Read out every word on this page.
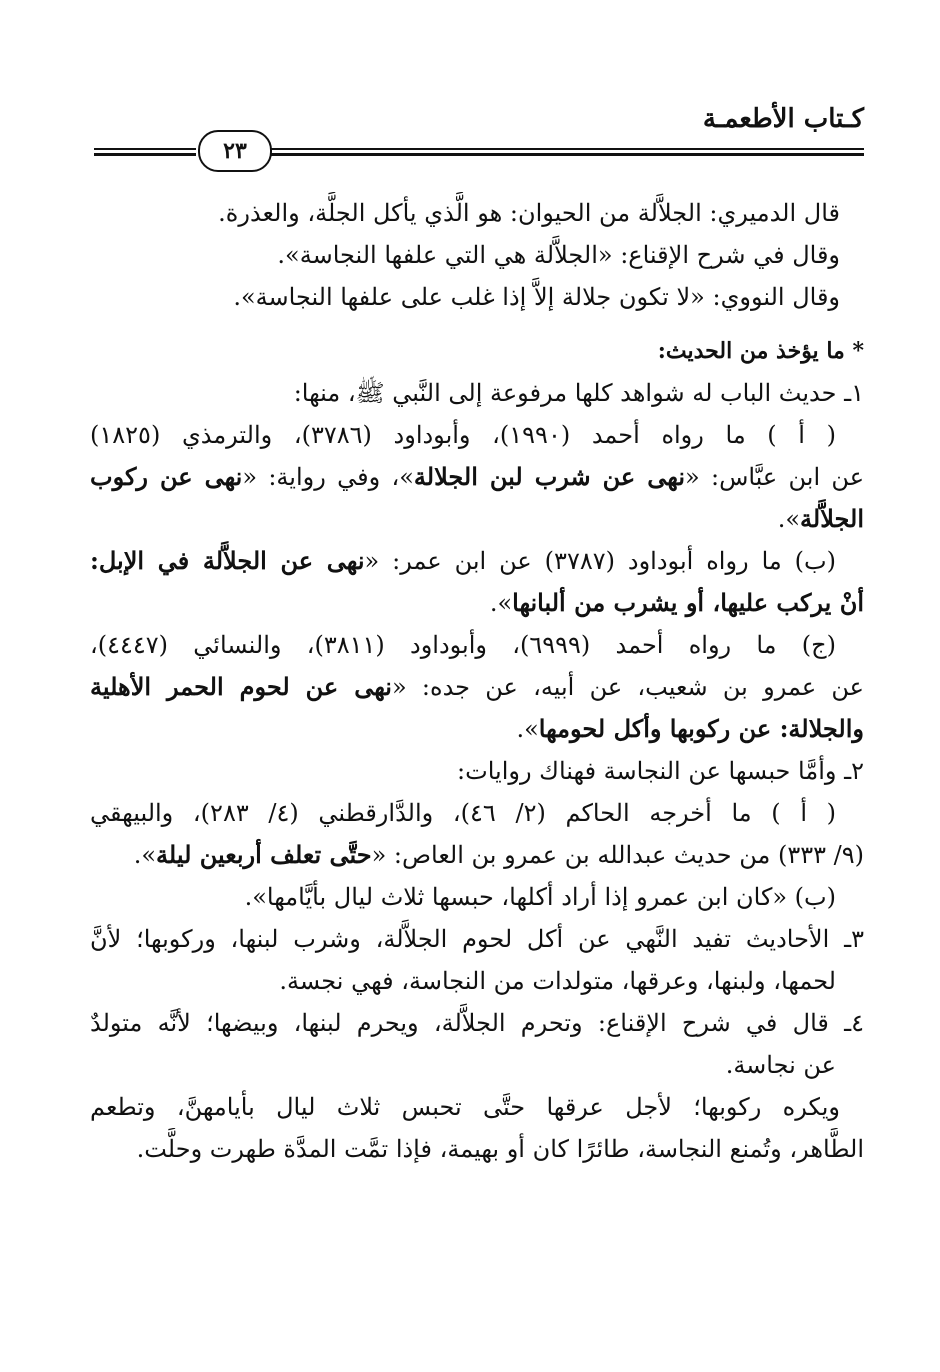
كـتاب الأطعمـة
٢٣
قال الدميري: الجلاَّلة من الحيوان: هو الَّذي يأكل الجلَّة، والعذرة.
وقال في شرح الإقناع: «الجلاَّلة هي التي علفها النجاسة».
وقال النووي: «لا تكون جلالة إلاَّ إذا غلب على علفها النجاسة».
* ما يؤخذ من الحديث:
١ـ حديث الباب له شواهد كلها مرفوعة إلى النَّبي ﷺ، منها:
( أ ) ما رواه أحمد (١٩٩٠)، وأبوداود (٣٧٨٦)، والترمذي (١٨٢٥)
عن ابن عبَّاس: «نهى عن شرب لبن الجلالة»، وفي رواية: «نهى عن ركوب
الجلاَّلة».
(ب) ما رواه أبوداود (٣٧٨٧) عن ابن عمر: «نهى عن الجلاَّلة في الإبل:
أنْ يركب عليها، أو يشرب من ألبانها».
(ج) ما رواه أحمد (٦٩٩٩)، وأبوداود (٣٨١١)، والنسائي (٤٤٤٧)،
عن عمرو بن شعيب، عن أبيه، عن جده: «نهى عن لحوم الحمر الأهلية
والجلالة: عن ركوبها وأكل لحومها».
٢ـ وأمَّا حبسها عن النجاسة فهناك روايات:
( أ ) ما أخرجه الحاكم (٢/ ٤٦)، والدَّارقطني (٤/ ٢٨٣)، والبيهقي
(٩/ ٣٣٣) من حديث عبدالله بن عمرو بن العاص: «حتَّى تعلف أربعين ليلة».
(ب) «كان ابن عمرو إذا أراد أكلها، حبسها ثلاث ليال بأيَّامها».
٣ـ الأحاديث تفيد النَّهي عن أكل لحوم الجلاَّلة، وشرب لبنها، وركوبها؛ لأنَّ
لحمها، ولبنها، وعرقها، متولدات من النجاسة، فهي نجسة.
٤ـ قال في شرح الإقناع: وتحرم الجلاَّلة، ويحرم لبنها، وبيضها؛ لأنَّه متولدٌ
عن نجاسة.
ويكره ركوبها؛ لأجل عرقها حتَّى تحبس ثلاث ليال بأيامهنَّ، وتطعم
الطَّاهر، وتُمنع النجاسة، طائرًا كان أو بهيمة، فإذا تمَّت المدَّة طهرت وحلَّت.
